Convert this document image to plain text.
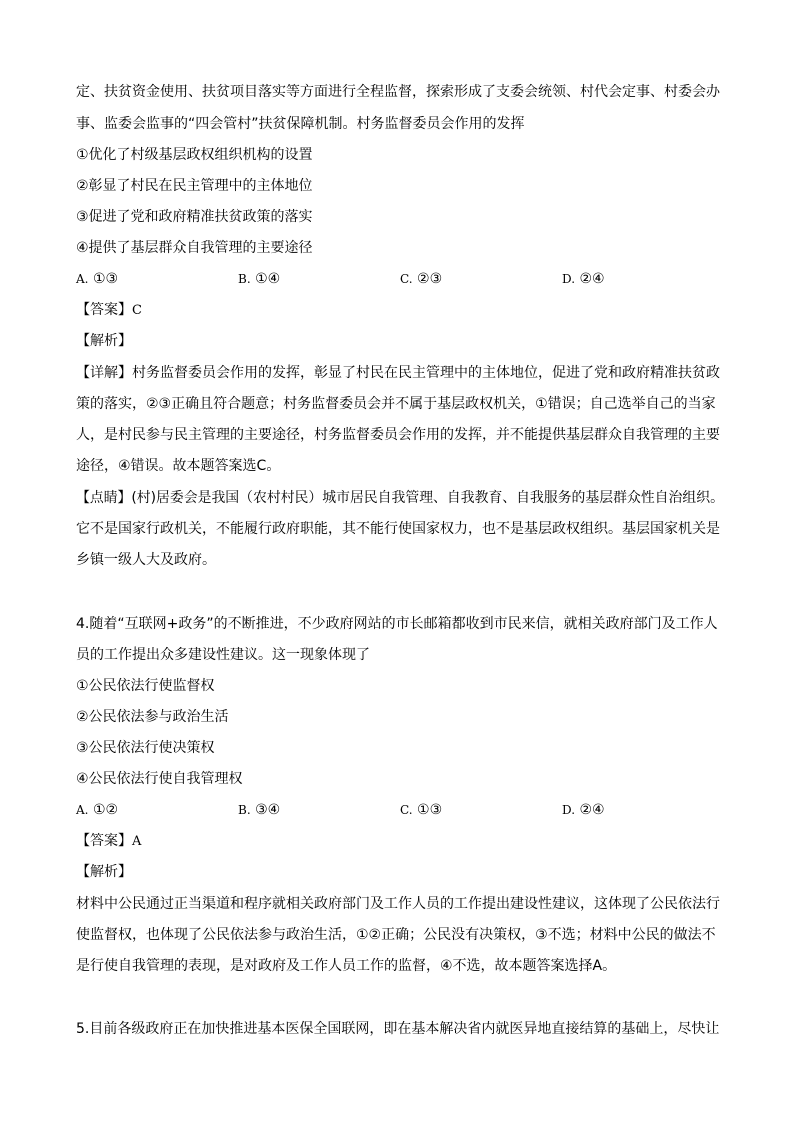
定、扶贫资金使用、扶贫项目落实等方面进行全程监督，探索形成了支委会统领、村代会定事、村委会办
事、监委会监事的“四会管村”扶贫保障机制。村务监督委员会作用的发挥
①优化了村级基层政权组织机构的设置
②彰显了村民在民主管理中的主体地位
③促进了党和政府精准扶贫政策的落实
④提供了基层群众自我管理的主要途径
A. ①③	B. ①④	C. ②③	D. ②④
【答案】C
【解析】
【详解】村务监督委员会作用的发挥，彰显了村民在民主管理中的主体地位，促进了党和政府精准扶贫政
策的落实，②③正确且符合题意；村务监督委员会并不属于基层政权机关，①错误；自己选举自己的当家
人，是村民参与民主管理的主要途径，村务监督委员会作用的发挥，并不能提供基层群众自我管理的主要
途径，④错误。故本题答案选C。
【点睛】(村)居委会是我国（农村村民）城市居民自我管理、自我教育、自我服务的基层群众性自治组织。
它不是国家行政机关，不能履行政府职能，其不能行使国家权力，也不是基层政权组织。基层国家机关是
乡镇一级人大及政府。
4.随着“互联网+政务”的不断推进，不少政府网站的市长邮箱都收到市民来信，就相关政府部门及工作人
员的工作提出众多建设性建议。这一现象体现了
①公民依法行使监督权
②公民依法参与政治生活
③公民依法行使决策权
④公民依法行使自我管理权
A. ①②	B. ③④	C. ①③	D. ②④
【答案】A
【解析】
材料中公民通过正当渠道和程序就相关政府部门及工作人员的工作提出建设性建议，这体现了公民依法行
使监督权，也体现了公民依法参与政治生活，①②正确；公民没有决策权，③不选；材料中公民的做法不
是行使自我管理的表现，是对政府及工作人员工作的监督，④不选，故本题答案选择A。
5.目前各级政府正在加快推进基本医保全国联网，即在基本解决省内就医异地直接结算的基础上，尽快让
